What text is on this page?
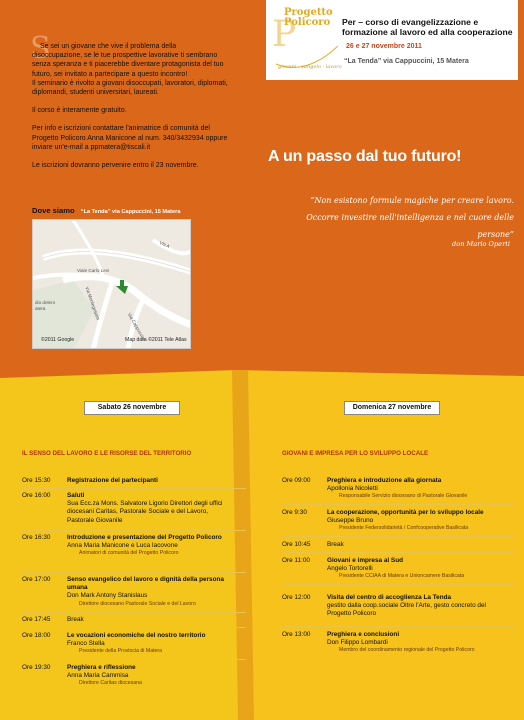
P
giovani · vangelo · lavoro
Progetto
Policoro Per – corso di evangelizzazione e formazione al lavoro ed alla cooperazione
26 e 27 novembre 2011
“La Tenda” via Cappuccini, 15 Matera
S

Se sei un giovane che vive il problema della disoccupazione, se le tue prospettive lavorative ti sembrano senza speranza e ti piacerebbe diventare protagonista del tuo futuro, sei invitato a partecipare a questo incontro!

Il seminario è rivolto a giovani disoccupati, lavoratori, diplomati, diplomandi, studenti universitari, laureati.

Il corso è interamente gratuito.

Per info e iscrizioni contattare l'animatrice di comunità del Progetto Policoro Anna Manicone al num. 340/3432934 oppure inviare un'e-mail a ppmatera@tiscali.it

Le iscrizioni dovranno pervenire entro il 23 novembre.

Dove siamo “La Tenda” via Cappuccini, 15 Matera
Viale Carlo Levi
Via Montegrappa
Via Cappuccini
Via A
dio delero atera
©2011 Google	Map data ©2011 Tele Atlas
A un passo dal tuo futuro!
“Non esistono formule magiche per creare lavoro.
Occorre investire nell'intelligenza e nel cuore delle persone”
don Mario Operti
Sabato 26 novembre	Domenica 27 novembre
IL SENSO DEL LAVORO E LE RISORSE DEL TERRITORIO	GIOVANI E IMPRESA PER LO SVILUPPO LOCALE
Ore 15:30	Registrazione dei partecipanti
Ore 16:00	Saluti
Sua Ecc.za Mons. Salvatore Ligorio Direttori degli uffici diocesani Caritas, Pastorale Sociale e del Lavoro, Pastorale Giovanile
Ore 16:30	Introduzione e presentazione del Progetto Policoro
Anna Maria Manicone e Luca Iacovone
Animatori di comunità del Progetto Policoro
Ore 17:00	Senso evangelico del lavoro e dignità della persona umana
Don Mark Antony Stanislaus
Direttore diocesano Pastorale Sociale e del Lavoro
Ore 17:45	Break
Ore 18:00	Le vocazioni economiche del nostro territorio
Franco Stella
Presidente della Provincia di Matera
Ore 19:30	Preghiera e riflessione
Anna Maria Cammisa
Direttore Caritas diocesana
Ore 09:00	Preghiera e introduzione alla giornata
Apollonia Nicoletti
Responsabile Servizio diocesano di Pastorale Giovanile
Ore 9:30	La cooperazione, opportunità per lo sviluppo locale
Giuseppe Bruno
Presidente Federsolidarietà / Confcooperative Basilicata
Ore 10:45	Break
Ore 11:00	Giovani e impresa al Sud
Angelo Tortorelli
Presidente CCIAA di Matera e Unioncamere Basilicata
Ore 12:00	Visita del centro di accoglienza La Tenda
gestito dalla coop.sociale Oltre l'Arte, gesto concreto del Progetto Policoro
Ore 13:00	Preghiera e conclusioni
Don Filippo Lombardi
Membro del coordinamento regionale del Progetto Policoro
